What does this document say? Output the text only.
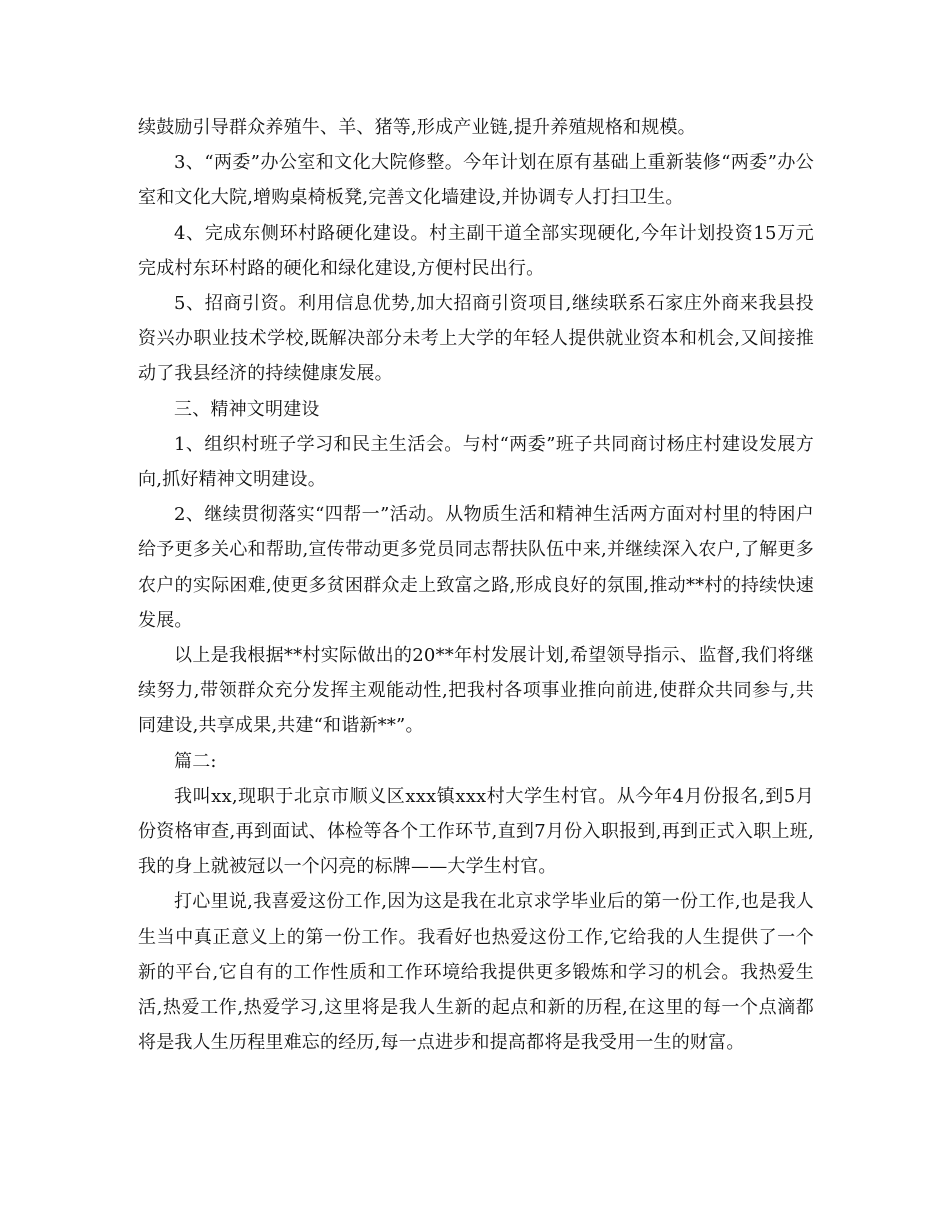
续鼓励引导群众养殖牛、羊、猪等,形成产业链,提升养殖规格和规模。

3、“两委”办公室和文化大院修整。今年计划在原有基础上重新装修“两委”办公室和文化大院,增购桌椅板凳,完善文化墙建设,并协调专人打扫卫生。

4、完成东侧环村路硬化建设。村主副干道全部实现硬化,今年计划投资15万元完成村东环村路的硬化和绿化建设,方便村民出行。

5、招商引资。利用信息优势,加大招商引资项目,继续联系石家庄外商来我县投资兴办职业技术学校,既解决部分未考上大学的年轻人提供就业资本和机会,又间接推动了我县经济的持续健康发展。

三、精神文明建设

1、组织村班子学习和民主生活会。与村“两委”班子共同商讨杨庄村建设发展方向,抓好精神文明建设。

2、继续贯彻落实“四帮一”活动。从物质生活和精神生活两方面对村里的特困户给予更多关心和帮助,宣传带动更多党员同志帮扶队伍中来,并继续深入农户,了解更多农户的实际困难,使更多贫困群众走上致富之路,形成良好的氛围,推动**村的持续快速发展。

以上是我根据**村实际做出的20**年村发展计划,希望领导指示、监督,我们将继续努力,带领群众充分发挥主观能动性,把我村各项事业推向前进,使群众共同参与,共同建设,共享成果,共建“和谐新**”。

篇二:

我叫xx,现职于北京市顺义区xxx镇xxx村大学生村官。从今年4月份报名,到5月份资格审查,再到面试、体检等各个工作环节,直到7月份入职报到,再到正式入职上班,我的身上就被冠以一个闪亮的标牌——大学生村官。

打心里说,我喜爱这份工作,因为这是我在北京求学毕业后的第一份工作,也是我人生当中真正意义上的第一份工作。我看好也热爱这份工作,它给我的人生提供了一个新的平台,它自有的工作性质和工作环境给我提供更多锻炼和学习的机会。我热爱生活,热爱工作,热爱学习,这里将是我人生新的起点和新的历程,在这里的每一个点滴都将是我人生历程里难忘的经历,每一点进步和提高都将是我受用一生的财富。
